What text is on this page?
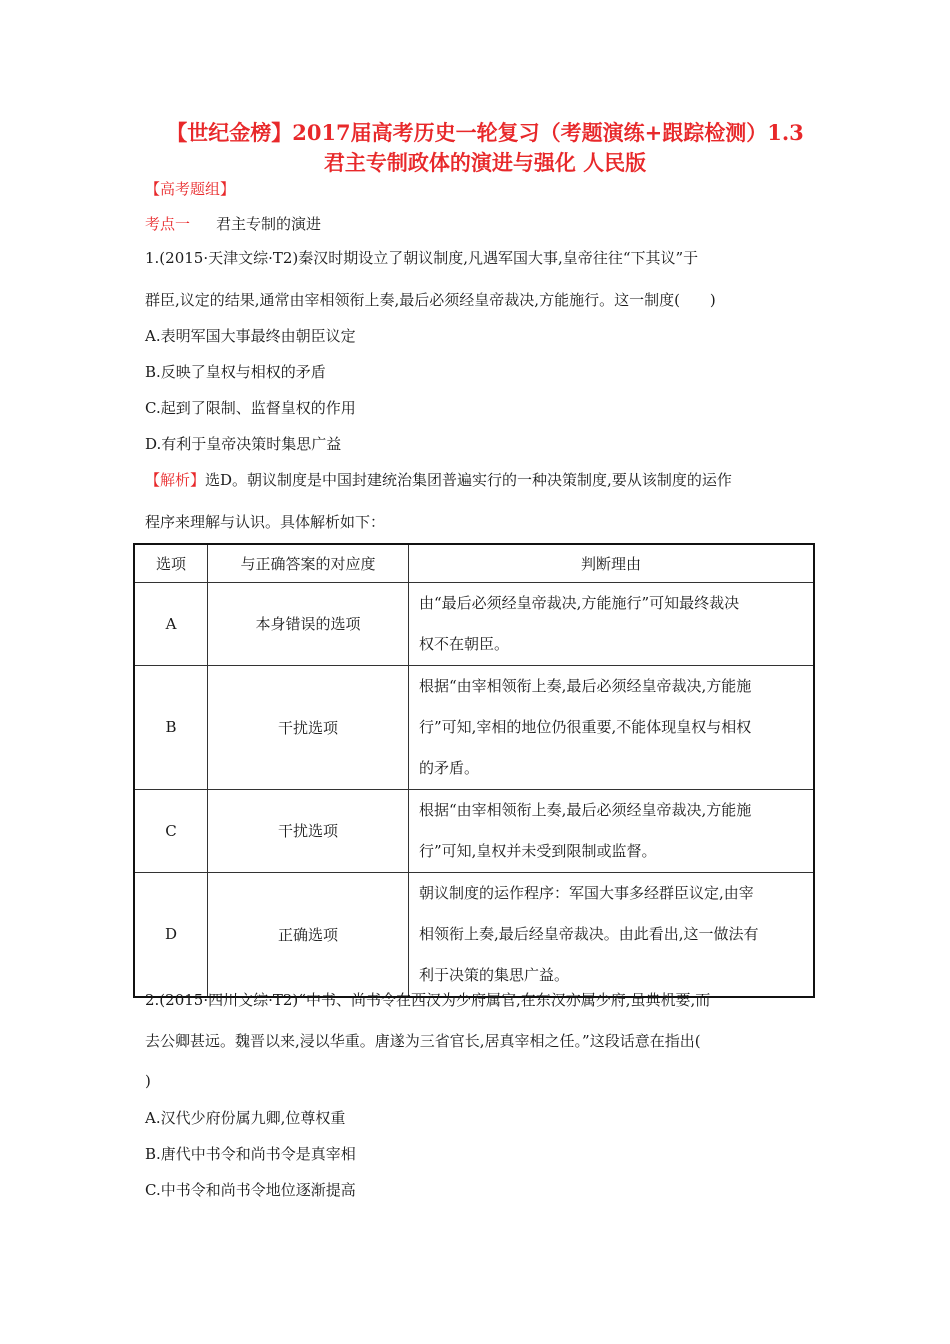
【世纪金榜】2017届高考历史一轮复习（考题演练+跟踪检测）1.3
君主专制政体的演进与强化 人民版
【高考题组】
考点一 君主专制的演进
1.(2015·天津文综·T2)秦汉时期设立了朝议制度,凡遇军国大事,皇帝往往“下其议”于
群臣,议定的结果,通常由宰相领衔上奏,最后必须经皇帝裁决,方能施行。这一制度(　　)
A.表明军国大事最终由朝臣议定
B.反映了皇权与相权的矛盾
C.起到了限制、监督皇权的作用
D.有利于皇帝决策时集思广益
【解析】选D。朝议制度是中国封建统治集团普遍实行的一种决策制度,要从该制度的运作
程序来理解与认识。具体解析如下：
选项	与正确答案的对应度	判断理由
A	本身错误的选项	由“最后必须经皇帝裁决,方能施行”可知最终裁决
权不在朝臣。

B	干扰选项	根据“由宰相领衔上奏,最后必须经皇帝裁决,方能施
行”可知,宰相的地位仍很重要,不能体现皇权与相权
的矛盾。

C	干扰选项	根据“由宰相领衔上奏,最后必须经皇帝裁决,方能施
行”可知,皇权并未受到限制或监督。

D	正确选项	朝议制度的运作程序：军国大事多经群臣议定,由宰
相领衔上奏,最后经皇帝裁决。由此看出,这一做法有
利于决策的集思广益。
2.(2015·四川文综·T2)“中书、尚书令在西汉为少府属官,在东汉亦属少府,虽典机要,而
去公卿甚远。魏晋以来,浸以华重。唐遂为三省官长,居真宰相之任。”这段话意在指出(
)
A.汉代少府份属九卿,位尊权重
B.唐代中书令和尚书令是真宰相
C.中书令和尚书令地位逐渐提高
